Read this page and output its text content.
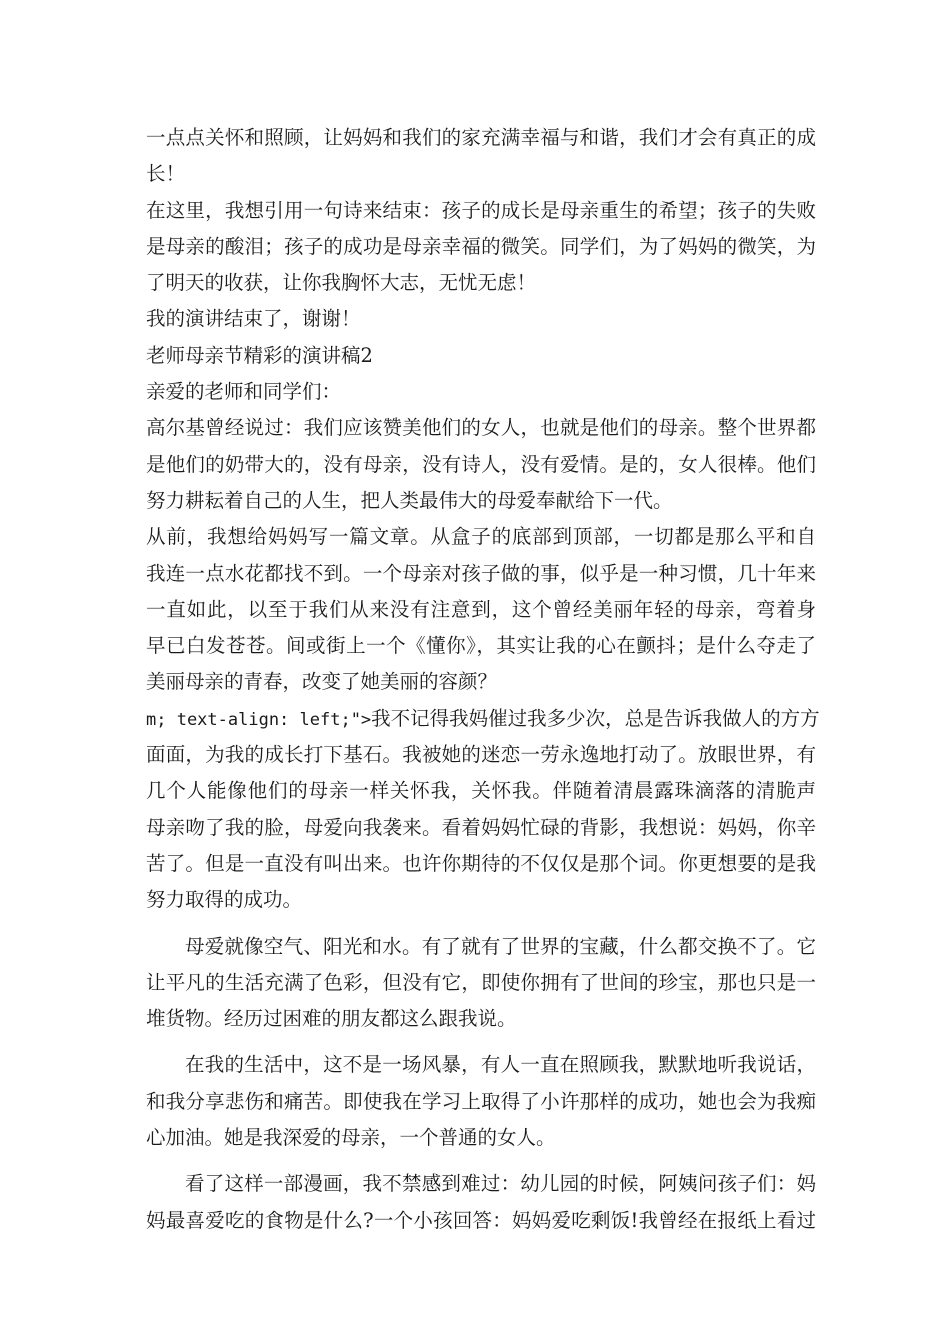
一点点关怀和照顾，让妈妈和我们的家充满幸福与和谐，我们才会有真正的成
长！
在这里，我想引用一句诗来结束：孩子的成长是母亲重生的希望；孩子的失败
是母亲的酸泪；孩子的成功是母亲幸福的微笑。同学们，为了妈妈的微笑，为
了明天的收获，让你我胸怀大志，无忧无虑！
我的演讲结束了，谢谢！
老师母亲节精彩的演讲稿2
亲爱的老师和同学们：
高尔基曾经说过：我们应该赞美他们的女人，也就是他们的母亲。整个世界都
是他们的奶带大的，没有母亲，没有诗人，没有爱情。是的，女人很棒。他们
努力耕耘着自己的人生，把人类最伟大的母爱奉献给下一代。
从前，我想给妈妈写一篇文章。从盒子的底部到顶部，一切都是那么平和自
我连一点水花都找不到。一个母亲对孩子做的事，似乎是一种习惯，几十年来
一直如此，以至于我们从来没有注意到，这个曾经美丽年轻的母亲，弯着身
早已白发苍苍。间或街上一个《懂你》，其实让我的心在颤抖；是什么夺走了
美丽母亲的青春，改变了她美丽的容颜？
m; text-align: left;">我不记得我妈催过我多少次，总是告诉我做人的方方
面面，为我的成长打下基石。我被她的迷恋一劳永逸地打动了。放眼世界，有
几个人能像他们的母亲一样关怀我，关怀我。伴随着清晨露珠滴落的清脆声
母亲吻了我的脸，母爱向我袭来。看着妈妈忙碌的背影，我想说：妈妈，你辛
苦了。但是一直没有叫出来。也许你期待的不仅仅是那个词。你更想要的是我
努力取得的成功。
母爱就像空气、阳光和水。有了就有了世界的宝藏，什么都交换不了。它
让平凡的生活充满了色彩，但没有它，即使你拥有了世间的珍宝，那也只是一
堆货物。经历过困难的朋友都这么跟我说。
在我的生活中，这不是一场风暴，有人一直在照顾我，默默地听我说话，
和我分享悲伤和痛苦。即使我在学习上取得了小许那样的成功，她也会为我痴
心加油。她是我深爱的母亲，一个普通的女人。
看了这样一部漫画，我不禁感到难过：幼儿园的时候，阿姨问孩子们：妈
妈最喜爱吃的食物是什么?一个小孩回答：妈妈爱吃剩饭!我曾经在报纸上看过
